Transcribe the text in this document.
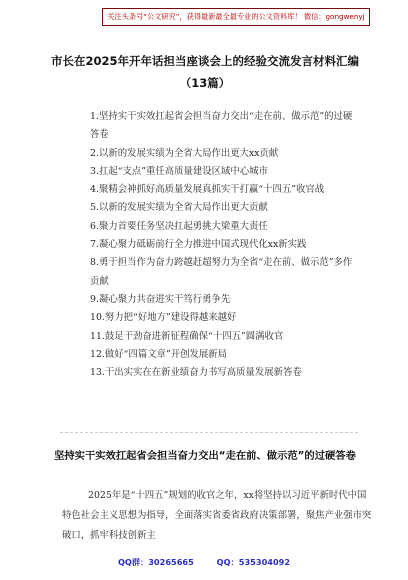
关注头条号“公文研究”，获得最新最全最专业的公文资料库！ 微信：gongwenyj
市长在2025年开年话担当座谈会上的经验交流发言材料汇编（13篇）
1.坚持实干实效扛起省会担当奋力交出“走在前、做示范”的过硬答卷
2.以新的发展实绩为全省大局作出更大xx贡献
3.扛起“支点”重任高质量建设区域中心城市
4.聚精会神抓好高质量发展真抓实干打赢“十四五”收官战
5.以新的发展实绩为全省大局作出更大贡献
6.聚力首要任务坚决扛起勇挑大梁重大责任
7.凝心聚力砥砺前行全力推进中国式现代化xx新实践
8.勇于担当作为奋力跨越赶超努力为全省“走在前、做示范”多作贡献
9.凝心聚力共奋进实干笃行勇争先
10.努力把“好地方”建设得越来越好
11.鼓足干劲奋进新征程确保“十四五”圆满收官
12.做好“四篇文章”开创发展新局
13.干出实实在在新业绩奋力书写高质量发展新答卷
坚持实干实效扛起省会担当奋力交出“走在前、做示范”的过硬答卷

2025年是“十四五”规划的收官之年，xx将坚持以习近平新时代中国特色社会主义思想为指导，全面落实省委省政府决策部署，聚焦产业强市突破口，抓牢科技创新主

QQ群：30265665	QQ：535304092
